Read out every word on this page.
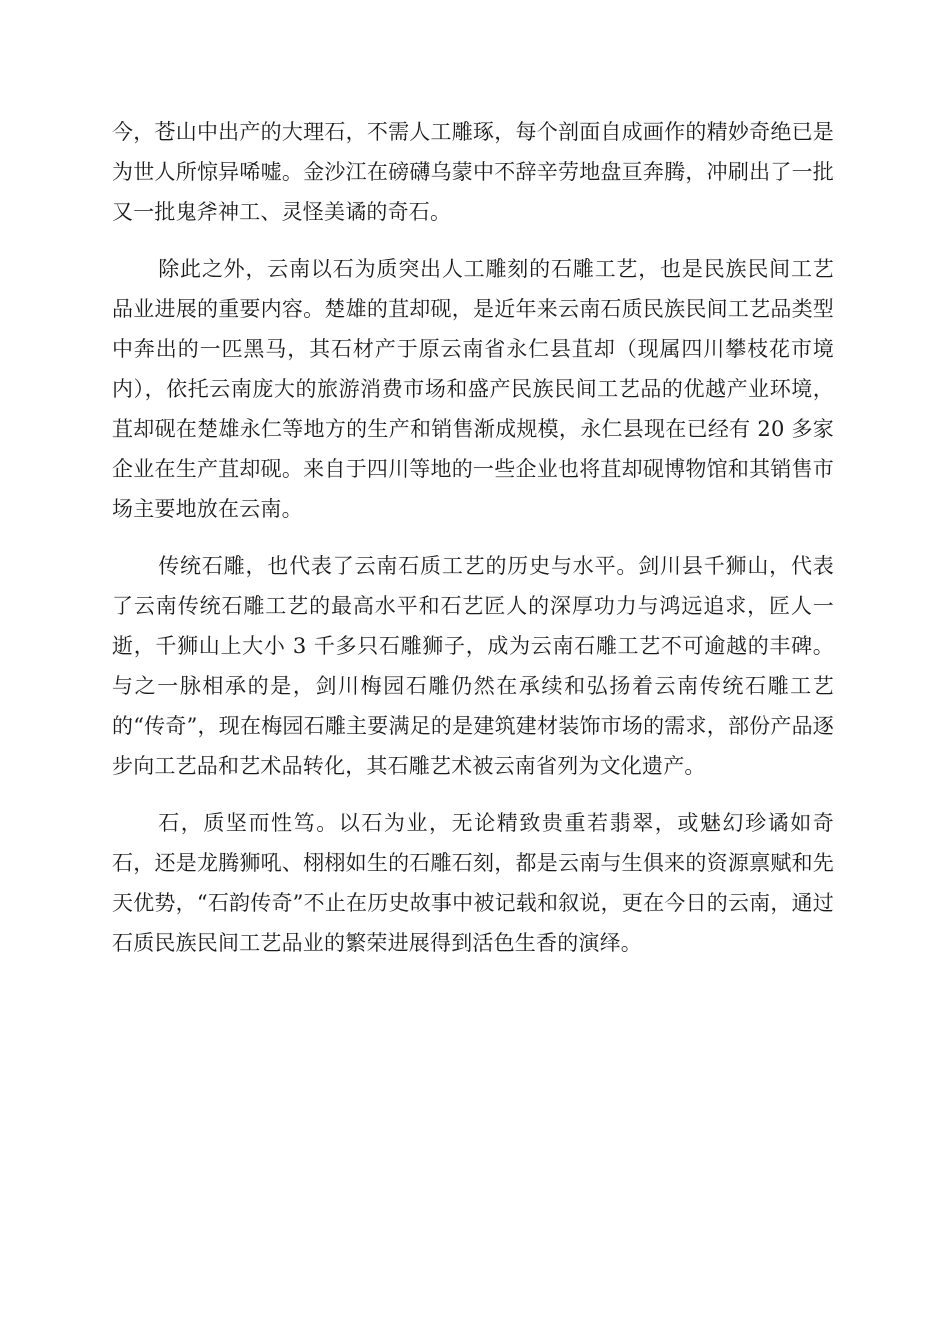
今，苍山中出产的大理石，不需人工雕琢，每个剖面自成画作的精妙奇绝已是为世人所惊异唏嘘。金沙江在磅礴乌蒙中不辞辛劳地盘亘奔腾，冲刷出了一批又一批鬼斧神工、灵怪美谲的奇石。

除此之外，云南以石为质突出人工雕刻的石雕工艺，也是民族民间工艺品业进展的重要内容。楚雄的苴却砚，是近年来云南石质民族民间工艺品类型中奔出的一匹黑马，其石材产于原云南省永仁县苴却（现属四川攀枝花市境内），依托云南庞大的旅游消费市场和盛产民族民间工艺品的优越产业环境，苴却砚在楚雄永仁等地方的生产和销售渐成规模，永仁县现在已经有 20 多家企业在生产苴却砚。来自于四川等地的一些企业也将苴却砚博物馆和其销售市场主要地放在云南。

传统石雕，也代表了云南石质工艺的历史与水平。剑川县千狮山，代表了云南传统石雕工艺的最高水平和石艺匠人的深厚功力与鸿远追求，匠人一逝，千狮山上大小 3 千多只石雕狮子，成为云南石雕工艺不可逾越的丰碑。与之一脉相承的是，剑川梅园石雕仍然在承续和弘扬着云南传统石雕工艺的“传奇”，现在梅园石雕主要满足的是建筑建材装饰市场的需求，部份产品逐步向工艺品和艺术品转化，其石雕艺术被云南省列为文化遗产。

石，质坚而性笃。以石为业，无论精致贵重若翡翠，或魅幻珍谲如奇石，还是龙腾狮吼、栩栩如生的石雕石刻，都是云南与生俱来的资源禀赋和先天优势，“石韵传奇”不止在历史故事中被记载和叙说，更在今日的云南，通过石质民族民间工艺品业的繁荣进展得到活色生香的演绎。
